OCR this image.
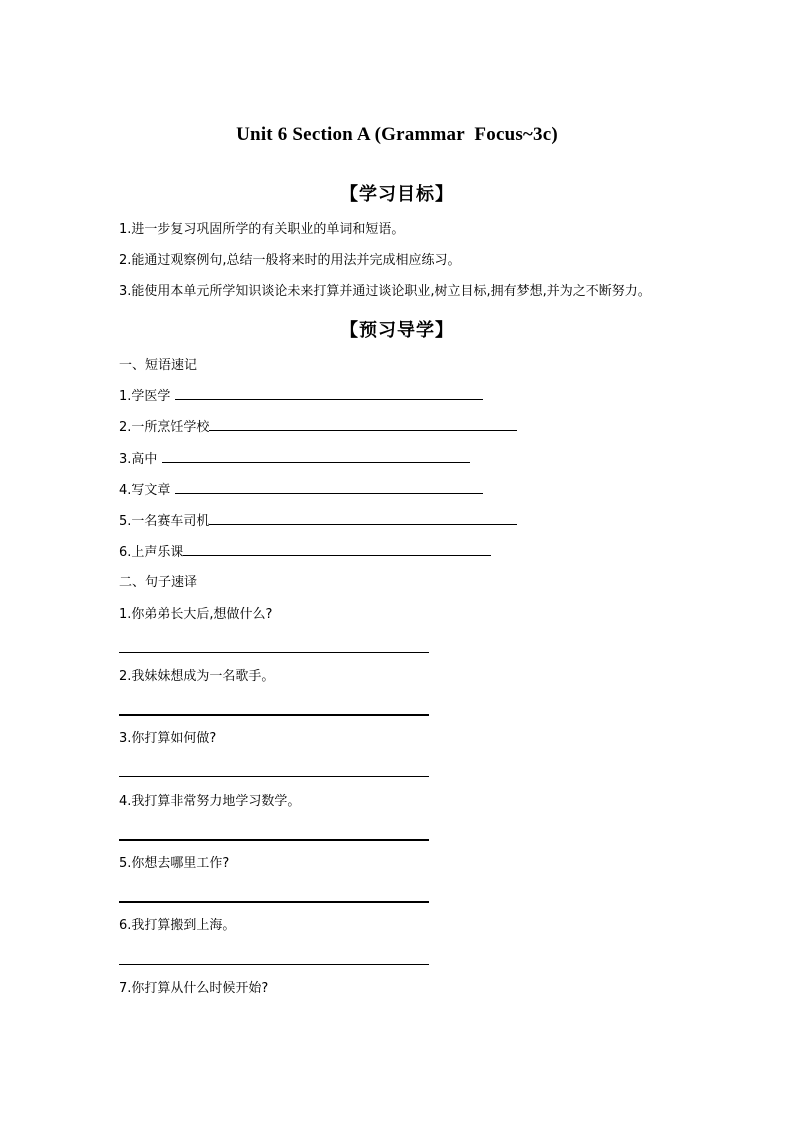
Unit 6 Section A (Grammar  Focus~3c)
【学习目标】
1.进一步复习巩固所学的有关职业的单词和短语。
2.能通过观察例句,总结一般将来时的用法并完成相应练习。
3.能使用本单元所学知识谈论未来打算并通过谈论职业,树立目标,拥有梦想,并为之不断努力。
【预习导学】
一、短语速记
1.学医学
2.一所烹饪学校
3.高中
4.写文章
5.一名赛车司机
6.上声乐课
二、句子速译
1.你弟弟长大后,想做什么?
2.我妹妹想成为一名歌手。
3.你打算如何做?
4.我打算非常努力地学习数学。
5.你想去哪里工作?
6.我打算搬到上海。
7.你打算从什么时候开始?
